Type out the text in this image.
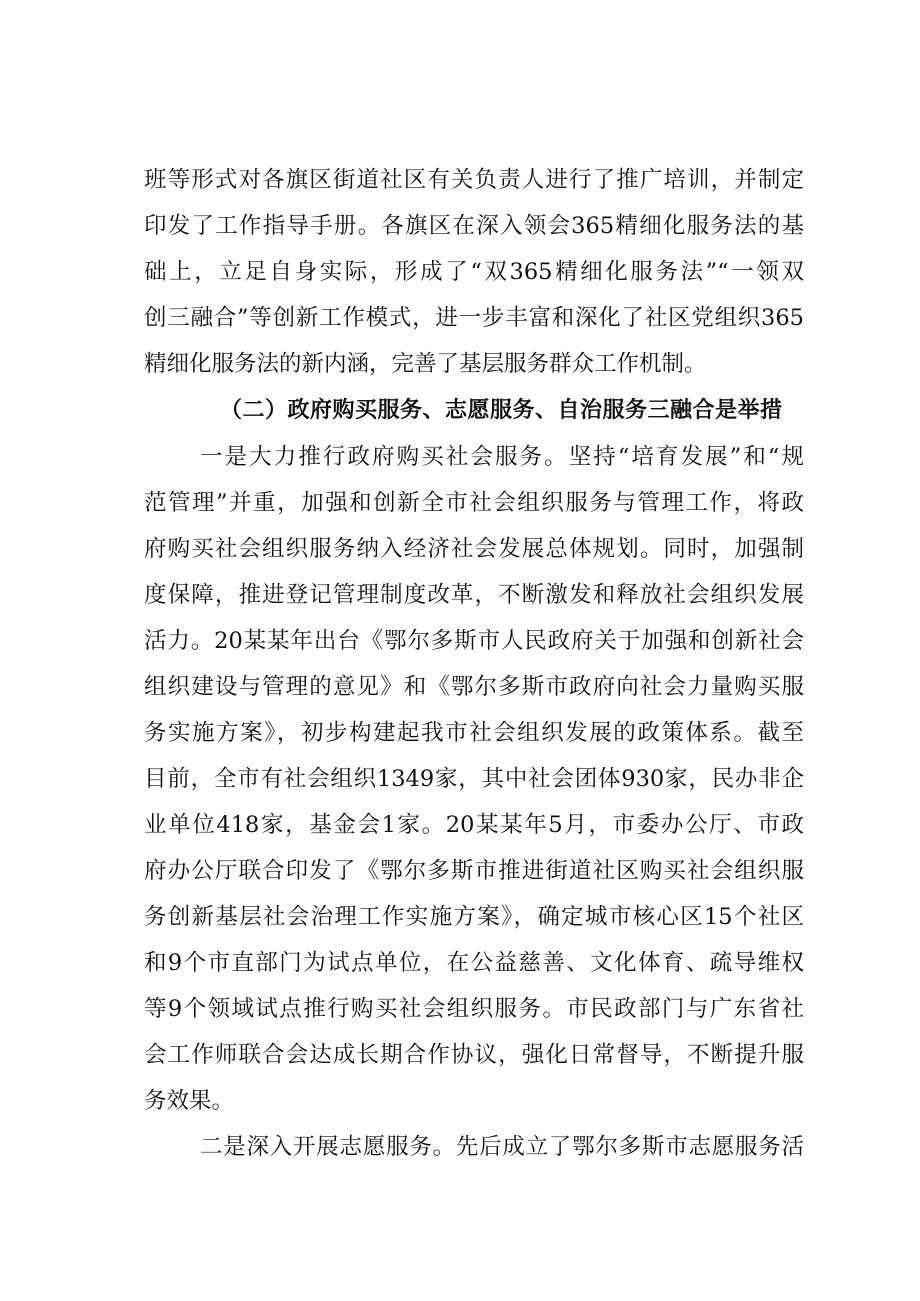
班等形式对各旗区街道社区有关负责人进行了推广培训，并制定
印发了工作指导手册。各旗区在深入领会365精细化服务法的基
础上，立足自身实际，形成了“双365精细化服务法”“一领双
创三融合”等创新工作模式，进一步丰富和深化了社区党组织365
精细化服务法的新内涵，完善了基层服务群众工作机制。
（二）政府购买服务、志愿服务、自治服务三融合是举措
一是大力推行政府购买社会服务。坚持“培育发展”和“规
范管理”并重，加强和创新全市社会组织服务与管理工作，将政
府购买社会组织服务纳入经济社会发展总体规划。同时，加强制
度保障，推进登记管理制度改革，不断激发和释放社会组织发展
活力。20某某年出台《鄂尔多斯市人民政府关于加强和创新社会
组织建设与管理的意见》和《鄂尔多斯市政府向社会力量购买服
务实施方案》，初步构建起我市社会组织发展的政策体系。截至
目前，全市有社会组织1349家，其中社会团体930家，民办非企
业单位418家，基金会1家。20某某年5月，市委办公厅、市政
府办公厅联合印发了《鄂尔多斯市推进街道社区购买社会组织服
务创新基层社会治理工作实施方案》，确定城市核心区15个社区
和9个市直部门为试点单位，在公益慈善、文化体育、疏导维权
等9个领域试点推行购买社会组织服务。市民政部门与广东省社
会工作师联合会达成长期合作协议，强化日常督导，不断提升服
务效果。
二是深入开展志愿服务。先后成立了鄂尔多斯市志愿服务活
